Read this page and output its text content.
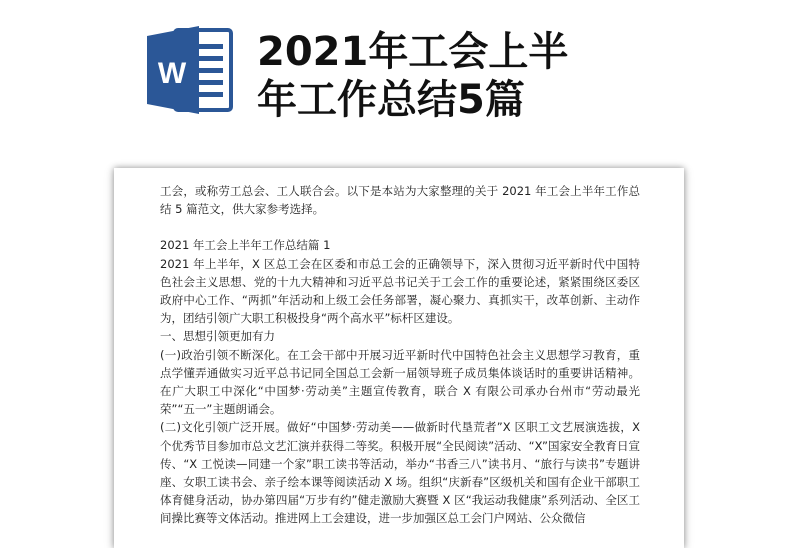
W 2021年工会上半
年工作总结5篇

工会，或称劳工总会、工人联合会。以下是本站为大家整理的关于 2021 年工会上半年工作总结 5 篇范文，供大家参考选择。

2021 年工会上半年工作总结篇 1

2021 年上半年，X 区总工会在区委和市总工会的正确领导下，深入贯彻习近平新时代中国特色社会主义思想、党的十九大精神和习近平总书记关于工会工作的重要论述，紧紧围绕区委区政府中心工作、“两抓”年活动和上级工会任务部署，凝心聚力、真抓实干，改革创新、主动作为，团结引领广大职工积极投身“两个高水平”标杆区建设。

一、思想引领更加有力

(一)政治引领不断深化。在工会干部中开展习近平新时代中国特色社会主义思想学习教育，重点学懂弄通做实习近平总书记同全国总工会新一届领导班子成员集体谈话时的重要讲话精神。在广大职工中深化“中国梦·劳动美”主题宣传教育，联合 X 有限公司承办台州市“劳动最光荣”“五一”主题朗诵会。

(二)文化引领广泛开展。做好“中国梦·劳动美——做新时代垦荒者”X 区职工文艺展演选拔，X 个优秀节目参加市总文艺汇演并获得二等奖。积极开展“全民阅读”活动、“X”国家安全教育日宣传、“X 工悦读—同建一个家”职工读书等活动，举办“书香三八”读书月、“旅行与读书”专题讲座、女职工读书会、亲子绘本课等阅读活动 X 场。组织“庆新春”区级机关和国有企业干部职工体育健身活动，协办第四届“万步有约”健走激励大赛暨 X 区“我运动我健康”系列活动、全区工间操比赛等文体活动。推进网上工会建设，进一步加强区总工会门户网站、公众微信
